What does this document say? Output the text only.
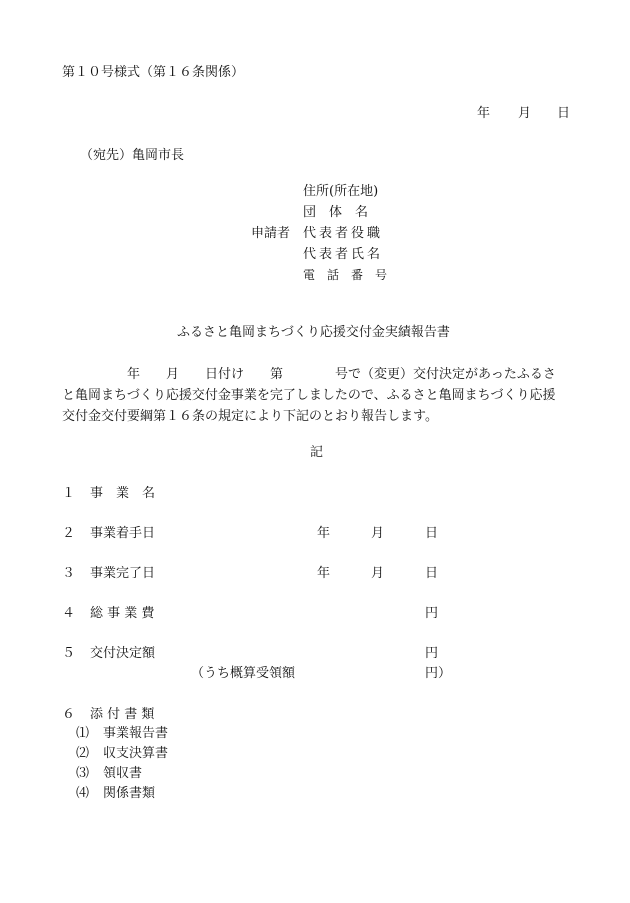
第１０号様式（第１６条関係）
年 月 日
（宛先）亀岡市長
申請者
住所(所在地)
団　体　名
代表者役職
代表者氏名
電　話　番　号
ふるさと亀岡まちづくり応援交付金実績報告書
　　　　　年　　月　　日付け　　第　　　　号で（変更）交付決定があったふるさ
と亀岡まちづくり応援交付金事業を完了しましたので、ふるさと亀岡まちづくり応援
交付金交付要綱第１６条の規定により下記のとおり報告します。
記
１ 事　業　名
２ 事業着手日	年	月	日
３ 事業完了日	年	月	日
４ 総 事 業 費	円
５ 交付決定額	円
（うち概算受領額	円）
６ 添 付 書 類
⑴ 事業報告書
⑵ 収支決算書
⑶ 領収書
⑷ 関係書類
